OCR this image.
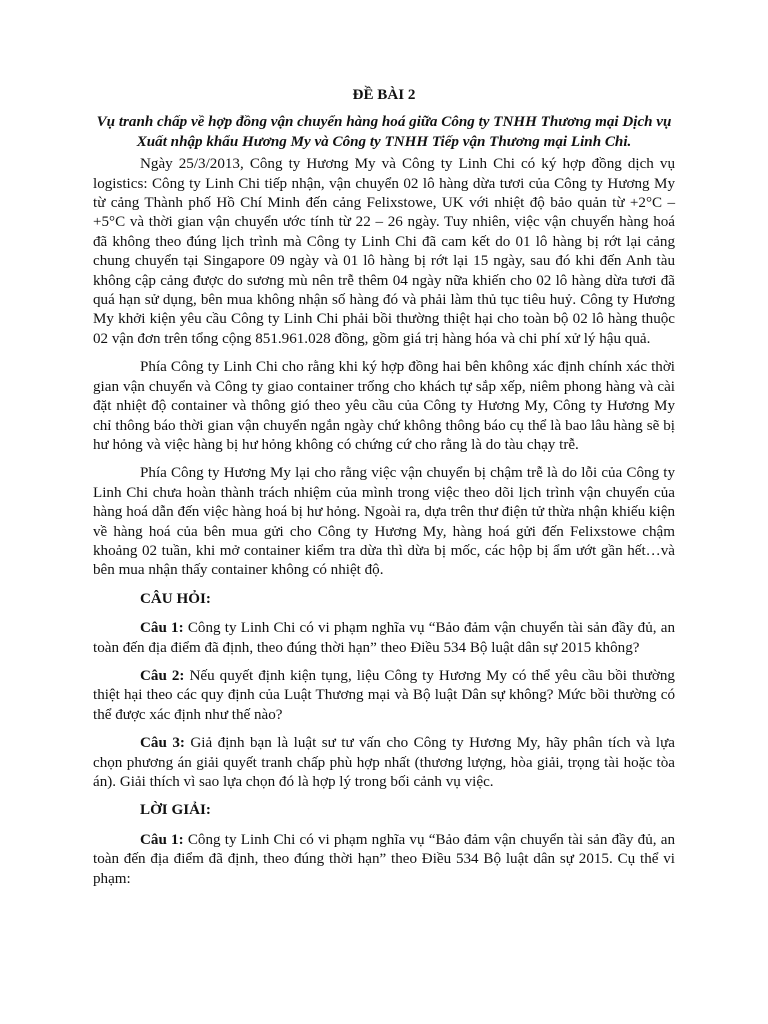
ĐỀ BÀI 2
Vụ tranh chấp về hợp đồng vận chuyển hàng hoá giữa Công ty TNHH Thương mại Dịch vụ Xuất nhập khẩu Hương My và Công ty TNHH Tiếp vận Thương mại Linh Chi.

Ngày 25/3/2013, Công ty Hương My và Công ty Linh Chi có ký hợp đồng dịch vụ logistics: Công ty Linh Chi tiếp nhận, vận chuyển 02 lô hàng dừa tươi của Công ty Hương My từ cảng Thành phố Hồ Chí Minh đến cảng Felixstowe, UK với nhiệt độ bảo quản từ +2°C – +5°C và thời gian vận chuyển ước tính từ 22 – 26 ngày. Tuy nhiên, việc vận chuyển hàng hoá đã không theo đúng lịch trình mà Công ty Linh Chi đã cam kết do 01 lô hàng bị rớt lại cảng chung chuyển tại Singapore 09 ngày và 01 lô hàng bị rớt lại 15 ngày, sau đó khi đến Anh tàu không cập cảng được do sương mù nên trễ thêm 04 ngày nữa khiến cho 02 lô hàng dừa tươi đã quá hạn sử dụng, bên mua không nhận số hàng đó và phải làm thủ tục tiêu huỷ. Công ty Hương My khởi kiện yêu cầu Công ty Linh Chi phải bồi thường thiệt hại cho toàn bộ 02 lô hàng thuộc 02 vận đơn trên tổng cộng 851.961.028 đồng, gồm giá trị hàng hóa và chi phí xử lý hậu quả.

Phía Công ty Linh Chi cho rằng khi ký hợp đồng hai bên không xác định chính xác thời gian vận chuyển và Công ty giao container trống cho khách tự sắp xếp, niêm phong hàng và cài đặt nhiệt độ container và thông gió theo yêu cầu của Công ty Hương My, Công ty Hương My chỉ thông báo thời gian vận chuyển ngắn ngày chứ không thông báo cụ thể là bao lâu hàng sẽ bị hư hỏng và việc hàng bị hư hỏng không có chứng cứ cho rằng là do tàu chạy trễ.

Phía Công ty Hương My lại cho rằng việc vận chuyển bị chậm trễ là do lỗi của Công ty Linh Chi chưa hoàn thành trách nhiệm của mình trong việc theo dõi lịch trình vận chuyển của hàng hoá dẫn đến việc hàng hoá bị hư hỏng. Ngoài ra, dựa trên thư điện tử thừa nhận khiếu kiện về hàng hoá của bên mua gửi cho Công ty Hương My, hàng hoá gửi đến Felixstowe chậm khoảng 02 tuần, khi mở container kiểm tra dừa thì dừa bị mốc, các hộp bị ẩm ướt gần hết…và bên mua nhận thấy container không có nhiệt độ.

CÂU HỎI:

Câu 1: Công ty Linh Chi có vi phạm nghĩa vụ “Bảo đảm vận chuyển tài sản đầy đủ, an toàn đến địa điểm đã định, theo đúng thời hạn” theo Điều 534 Bộ luật dân sự 2015 không?

Câu 2: Nếu quyết định kiện tụng, liệu Công ty Hương My có thể yêu cầu bồi thường thiệt hại theo các quy định của Luật Thương mại và Bộ luật Dân sự không? Mức bồi thường có thể được xác định như thế nào?

Câu 3: Giả định bạn là luật sư tư vấn cho Công ty Hương My, hãy phân tích và lựa chọn phương án giải quyết tranh chấp phù hợp nhất (thương lượng, hòa giải, trọng tài hoặc tòa án). Giải thích vì sao lựa chọn đó là hợp lý trong bối cảnh vụ việc.

LỜI GIẢI:

Câu 1: Công ty Linh Chi có vi phạm nghĩa vụ “Bảo đảm vận chuyển tài sản đầy đủ, an toàn đến địa điểm đã định, theo đúng thời hạn” theo Điều 534 Bộ luật dân sự 2015. Cụ thể vi phạm:
